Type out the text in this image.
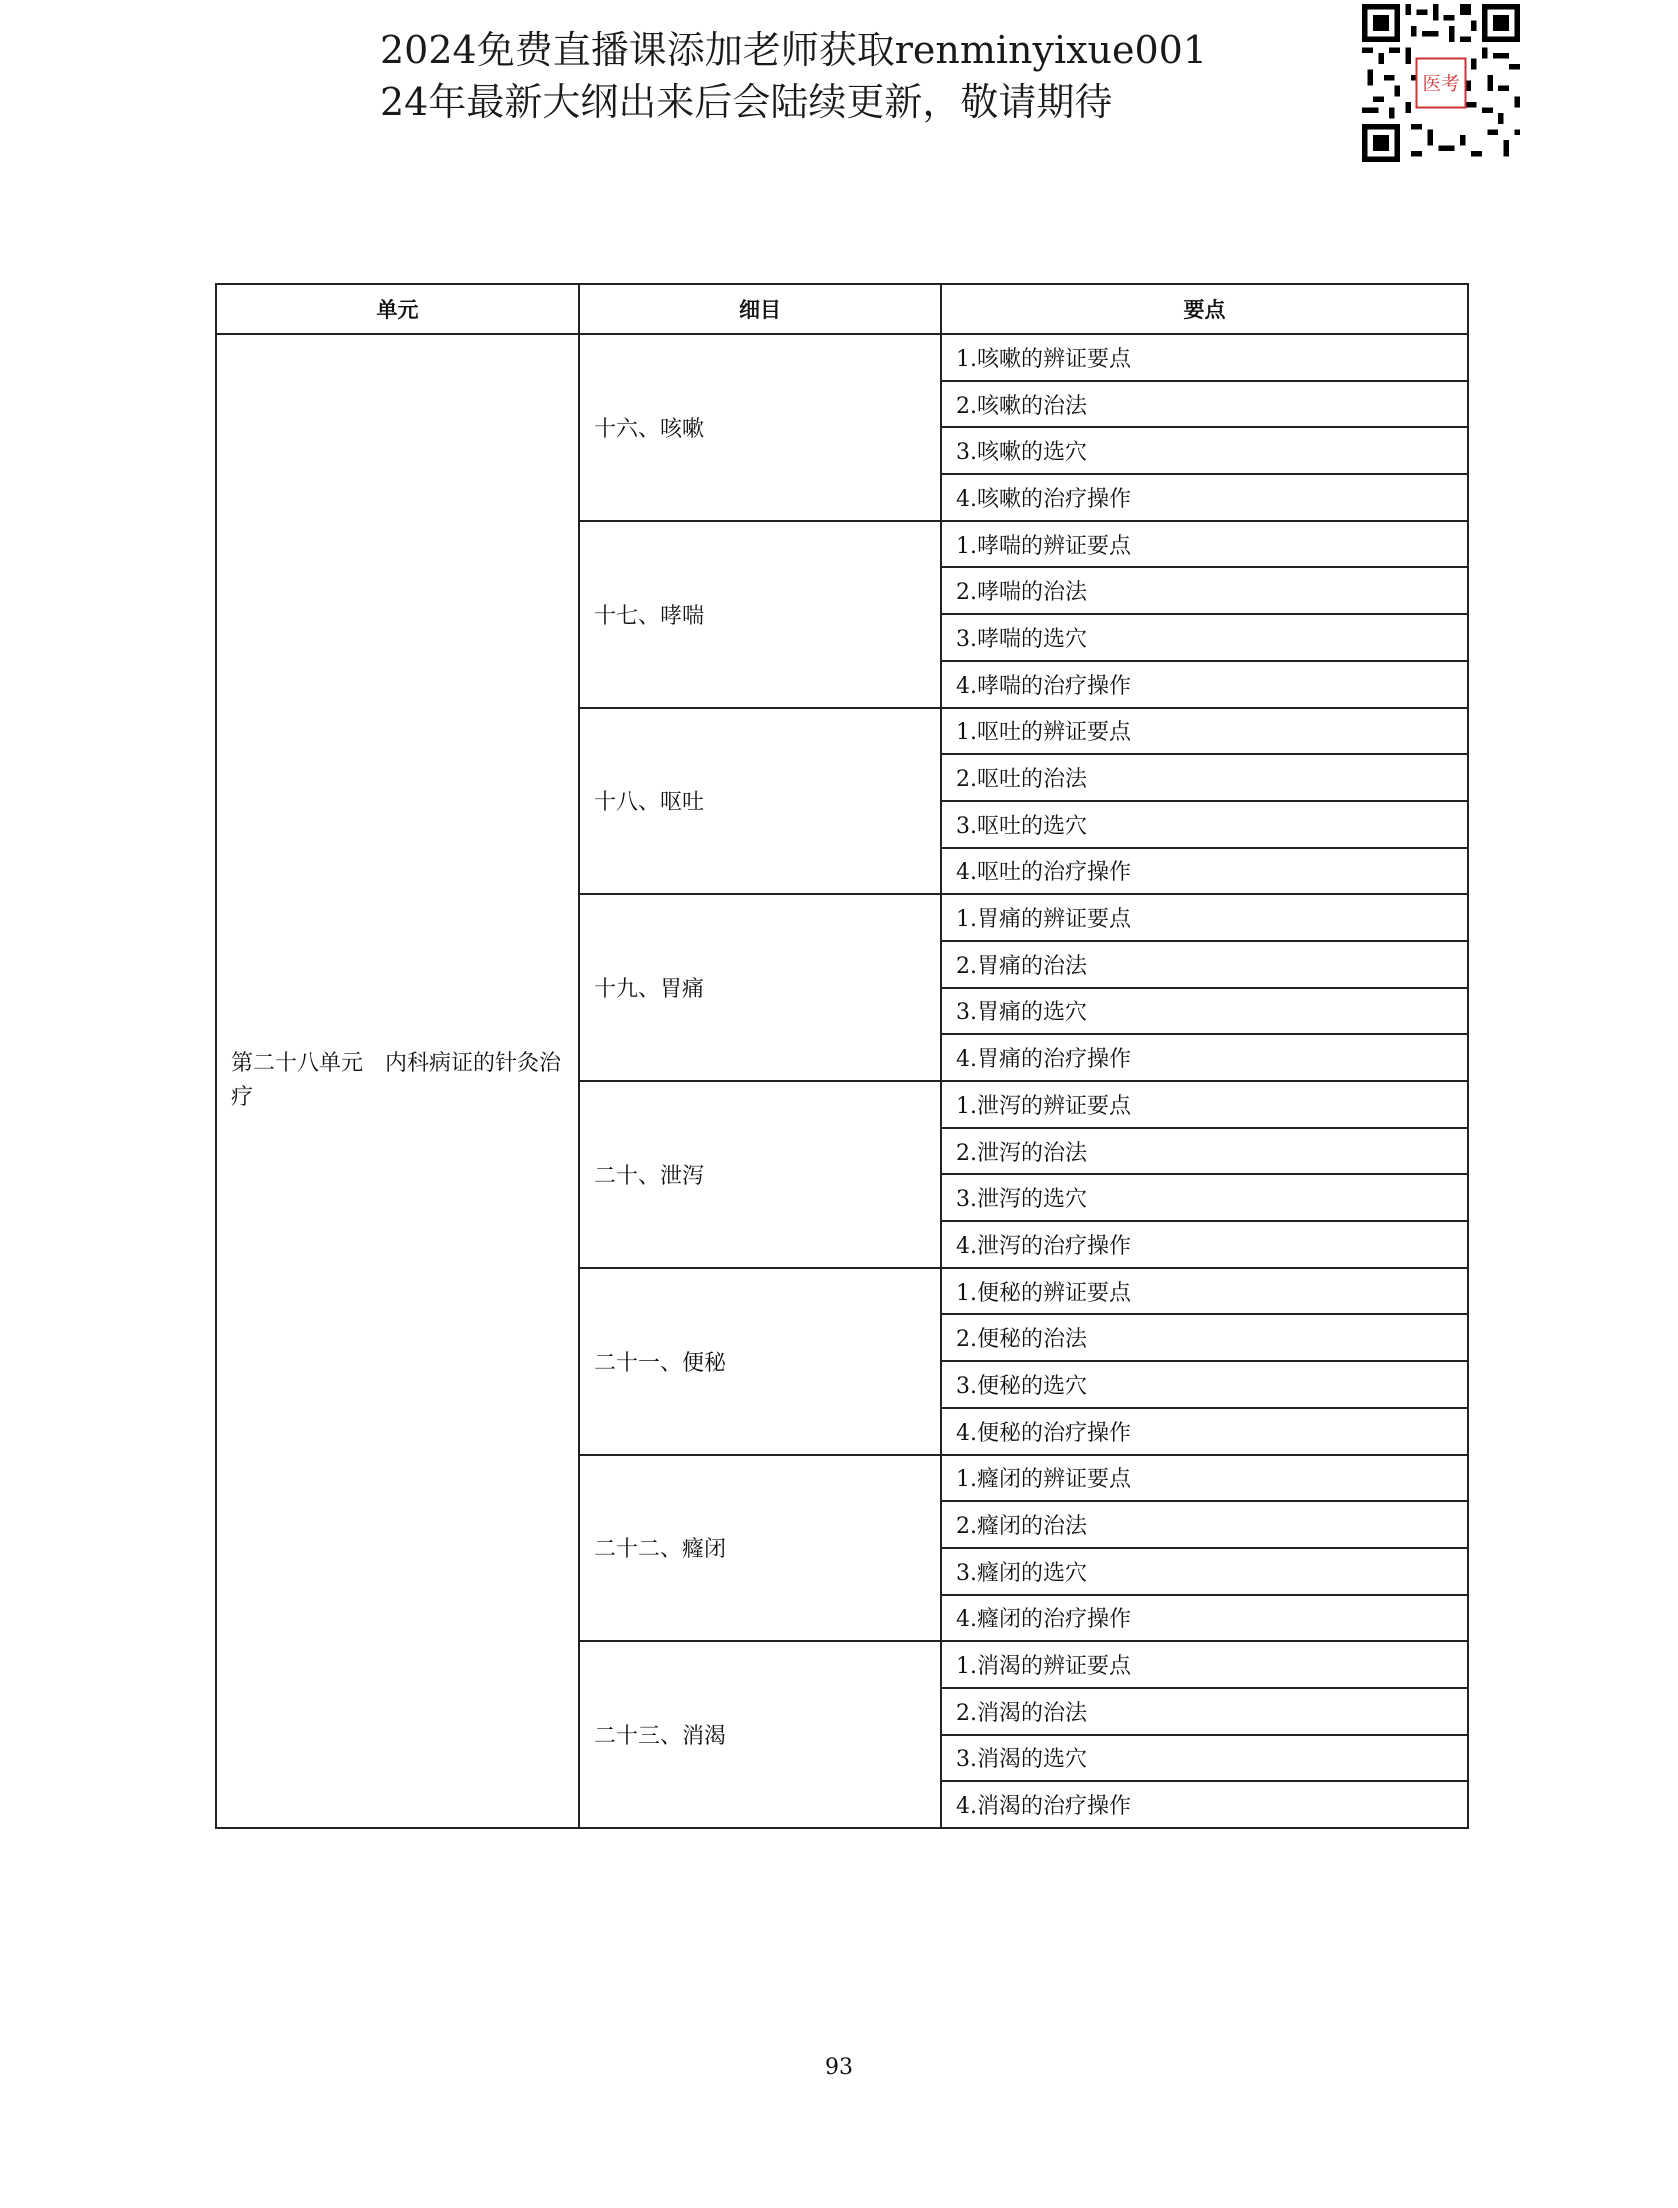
2024免费直播课添加老师获取renminyixue001
24年最新大纲出来后会陆续更新，敬请期待	医考
单元	细目	要点
第二十八单元　内科病证的针灸治疗	十六、咳嗽	1.咳嗽的辨证要点
		2.咳嗽的治法
		3.咳嗽的选穴
		4.咳嗽的治疗操作
	十七、哮喘	1.哮喘的辨证要点
		2.哮喘的治法
		3.哮喘的选穴
		4.哮喘的治疗操作
	十八、呕吐	1.呕吐的辨证要点
		2.呕吐的治法
		3.呕吐的选穴
		4.呕吐的治疗操作
	十九、胃痛	1.胃痛的辨证要点
		2.胃痛的治法
		3.胃痛的选穴
		4.胃痛的治疗操作
	二十、泄泻	1.泄泻的辨证要点
		2.泄泻的治法
		3.泄泻的选穴
		4.泄泻的治疗操作
	二十一、便秘	1.便秘的辨证要点
		2.便秘的治法
		3.便秘的选穴
		4.便秘的治疗操作
	二十二、癃闭	1.癃闭的辨证要点
		2.癃闭的治法
		3.癃闭的选穴
		4.癃闭的治疗操作
	二十三、消渴	1.消渴的辨证要点
		2.消渴的治法
		3.消渴的选穴
		4.消渴的治疗操作
93
